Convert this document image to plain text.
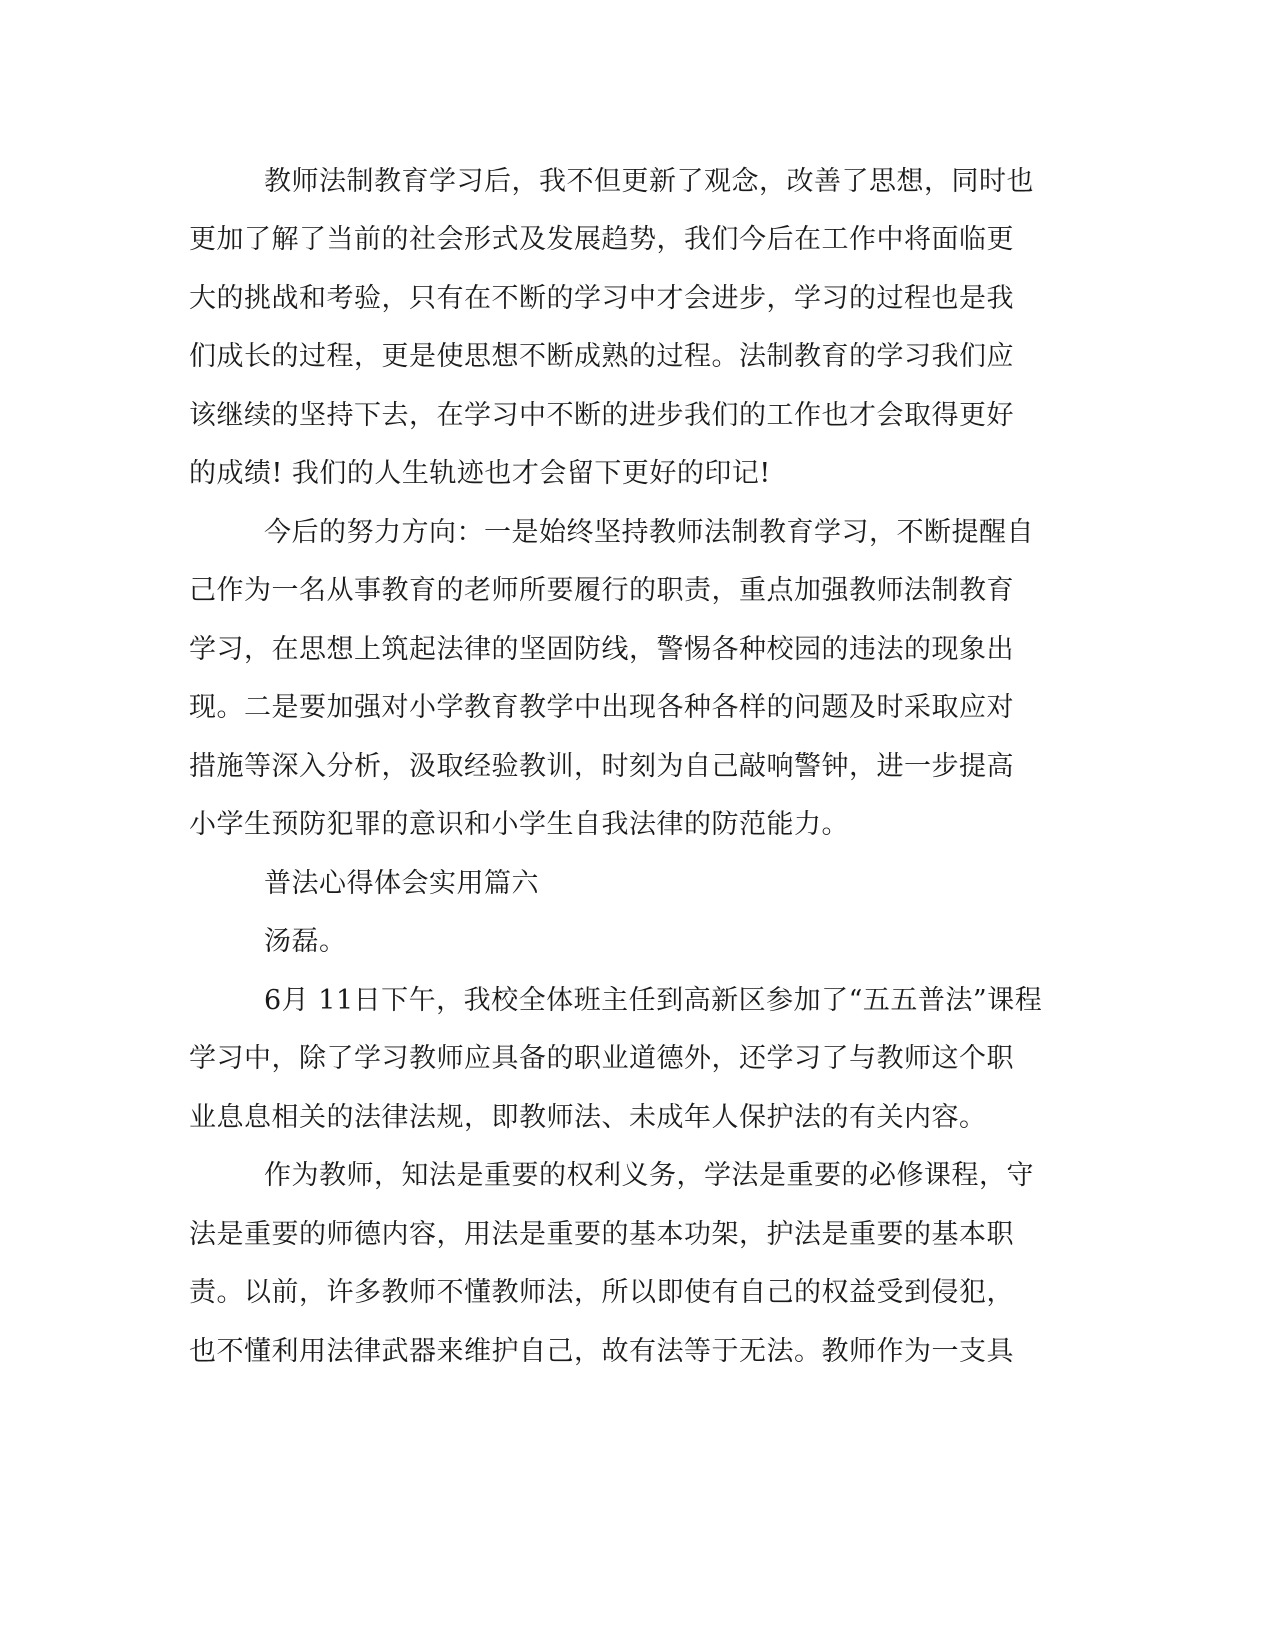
教师法制教育学习后，我不但更新了观念，改善了思想，同时也
更加了解了当前的社会形式及发展趋势，我们今后在工作中将面临更
大的挑战和考验，只有在不断的学习中才会进步，学习的过程也是我
们成长的过程，更是使思想不断成熟的过程。法制教育的学习我们应
该继续的坚持下去，在学习中不断的进步我们的工作也才会取得更好
的成绩! 我们的人生轨迹也才会留下更好的印记!
今后的努力方向：一是始终坚持教师法制教育学习，不断提醒自
己作为一名从事教育的老师所要履行的职责，重点加强教师法制教育
学习，在思想上筑起法律的坚固防线，警惕各种校园的违法的现象出
现。二是要加强对小学教育教学中出现各种各样的问题及时采取应对
措施等深入分析，汲取经验教训，时刻为自己敲响警钟，进一步提高
小学生预防犯罪的意识和小学生自我法律的防范能力。
普法心得体会实用篇六
汤磊。
6月 11日下午，我校全体班主任到高新区参加了“五五普法”课程
学习中，除了学习教师应具备的职业道德外，还学习了与教师这个职
业息息相关的法律法规，即教师法、未成年人保护法的有关内容。
作为教师，知法是重要的权利义务，学法是重要的必修课程，守
法是重要的师德内容，用法是重要的基本功架，护法是重要的基本职
责。以前，许多教师不懂教师法，所以即使有自己的权益受到侵犯，
也不懂利用法律武器来维护自己，故有法等于无法。教师作为一支具
